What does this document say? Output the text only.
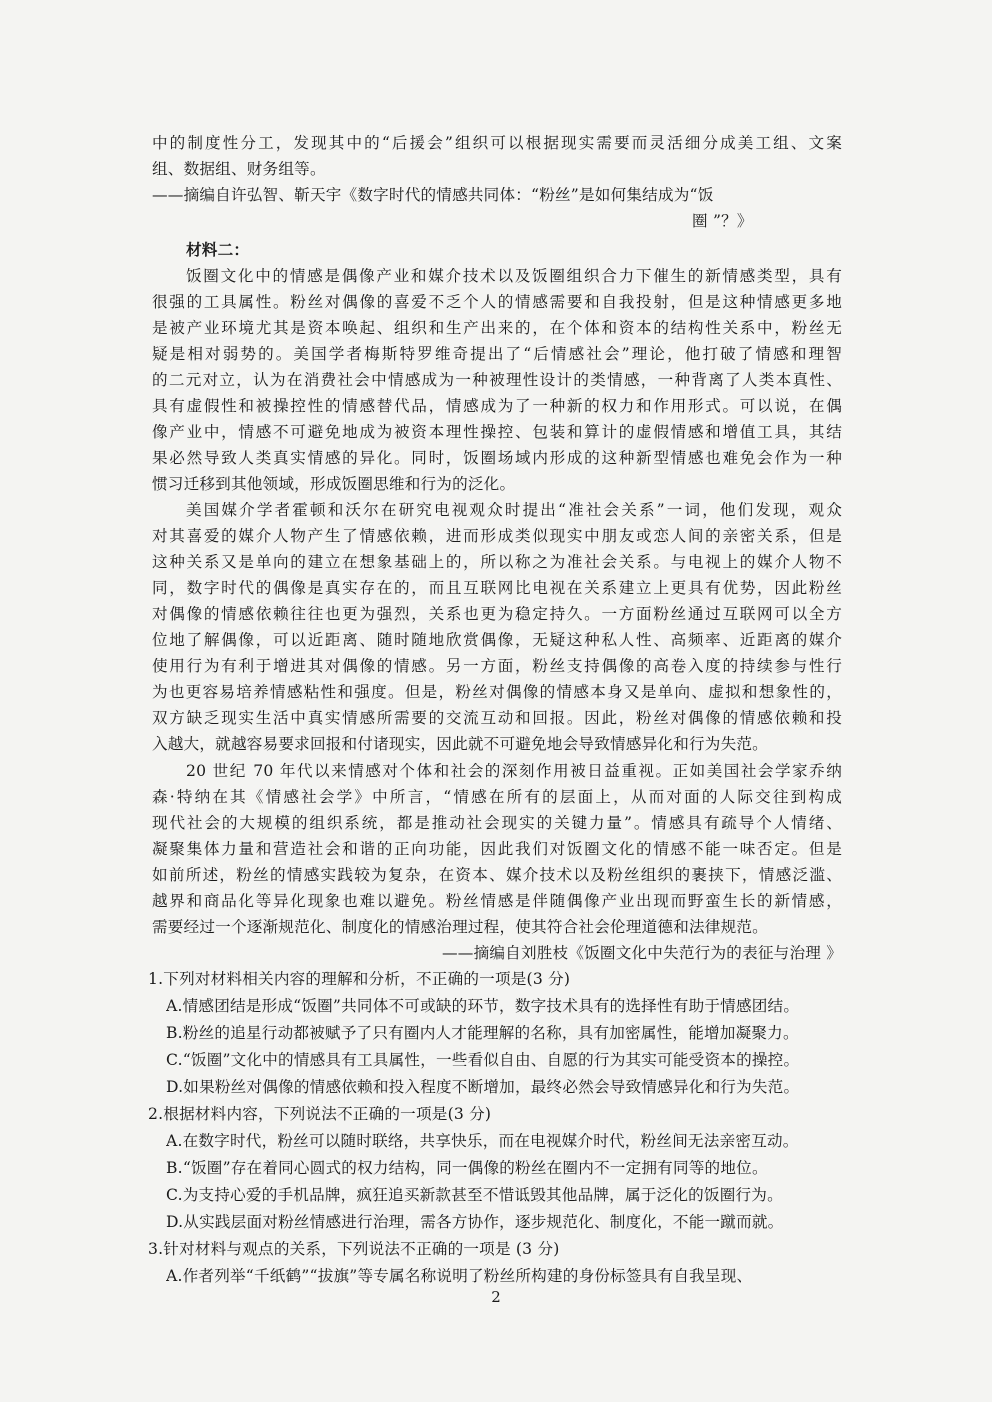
中的制度性分工，发现其中的“后援会”组织可以根据现实需要而灵活细分成美工组、文案
组、数据组、财务组等。
——摘编自许弘智、靳天宇《数字时代的情感共同体：“粉丝”是如何集结成为“饭
圈 ”？》
材料二：
饭圈文化中的情感是偶像产业和媒介技术以及饭圈组织合力下催生的新情感类型，具有
很强的工具属性。粉丝对偶像的喜爱不乏个人的情感需要和自我投射，但是这种情感更多地
是被产业环境尤其是资本唤起、组织和生产出来的，在个体和资本的结构性关系中，粉丝无
疑是相对弱势的。美国学者梅斯特罗维奇提出了“后情感社会”理论，他打破了情感和理智
的二元对立，认为在消费社会中情感成为一种被理性设计的类情感，一种背离了人类本真性、
具有虚假性和被操控性的情感替代品，情感成为了一种新的权力和作用形式。可以说，在偶
像产业中，情感不可避免地成为被资本理性操控、包装和算计的虚假情感和增值工具，其结
果必然导致人类真实情感的异化。同时，饭圈场域内形成的这种新型情感也难免会作为一种
惯习迁移到其他领域，形成饭圈思维和行为的泛化。
美国媒介学者霍顿和沃尔在研究电视观众时提出“准社会关系”一词，他们发现，观众
对其喜爱的媒介人物产生了情感依赖，进而形成类似现实中朋友或恋人间的亲密关系，但是
这种关系又是单向的建立在想象基础上的，所以称之为准社会关系。与电视上的媒介人物不
同，数字时代的偶像是真实存在的，而且互联网比电视在关系建立上更具有优势，因此粉丝
对偶像的情感依赖往往也更为强烈，关系也更为稳定持久。一方面粉丝通过互联网可以全方
位地了解偶像，可以近距离、随时随地欣赏偶像，无疑这种私人性、高频率、近距离的媒介
使用行为有利于增进其对偶像的情感。另一方面，粉丝支持偶像的高卷入度的持续参与性行
为也更容易培养情感粘性和强度。但是，粉丝对偶像的情感本身又是单向、虚拟和想象性的，
双方缺乏现实生活中真实情感所需要的交流互动和回报。因此，粉丝对偶像的情感依赖和投
入越大，就越容易要求回报和付诸现实，因此就不可避免地会导致情感异化和行为失范。
20 世纪 70 年代以来情感对个体和社会的深刻作用被日益重视。正如美国社会学家乔纳
森·特纳在其《情感社会学》中所言，“情感在所有的层面上，从而对面的人际交往到构成
现代社会的大规模的组织系统，都是推动社会现实的关键力量”。情感具有疏导个人情绪、
凝聚集体力量和营造社会和谐的正向功能，因此我们对饭圈文化的情感不能一味否定。但是
如前所述，粉丝的情感实践较为复杂，在资本、媒介技术以及粉丝组织的裹挟下，情感泛滥、
越界和商品化等异化现象也难以避免。粉丝情感是伴随偶像产业出现而野蛮生长的新情感，
需要经过一个逐渐规范化、制度化的情感治理过程，使其符合社会伦理道德和法律规范。
——摘编自刘胜枝《饭圈文化中失范行为的表征与治理 》
1.下列对材料相关内容的理解和分析，不正确的一项是(3 分)
A.情感团结是形成“饭圈”共同体不可或缺的环节，数字技术具有的选择性有助于情感团结。
B.粉丝的追星行动都被赋予了只有圈内人才能理解的名称，具有加密属性，能增加凝聚力。
C.“饭圈”文化中的情感具有工具属性，一些看似自由、自愿的行为其实可能受资本的操控。
D.如果粉丝对偶像的情感依赖和投入程度不断增加，最终必然会导致情感异化和行为失范。
2.根据材料内容，下列说法不正确的一项是(3 分)
A.在数字时代，粉丝可以随时联络，共享快乐，而在电视媒介时代，粉丝间无法亲密互动。
B.“饭圈”存在着同心圆式的权力结构，同一偶像的粉丝在圈内不一定拥有同等的地位。
C.为支持心爱的手机品牌，疯狂追买新款甚至不惜诋毁其他品牌，属于泛化的饭圈行为。
D.从实践层面对粉丝情感进行治理，需各方协作，逐步规范化、制度化，不能一蹴而就。
3.针对材料与观点的关系，下列说法不正确的一项是 (3 分)
A.作者列举“千纸鹤”“拔旗”等专属名称说明了粉丝所构建的身份标签具有自我呈现、
2
